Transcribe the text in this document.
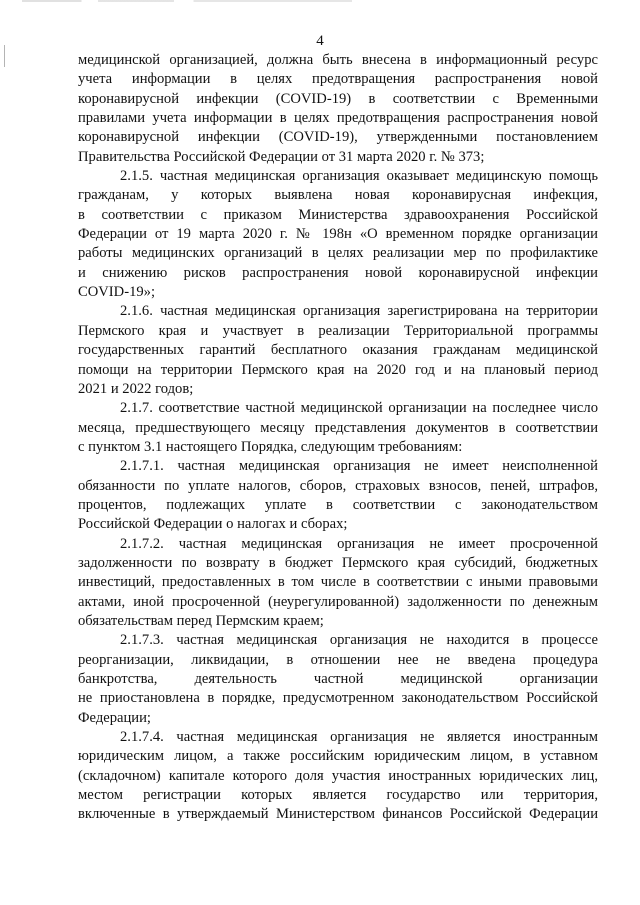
4
медицинской организацией, должна быть внесена в информационный ресурс
учета информации в целях предотвращения распространения новой
коронавирусной инфекции (COVID-19) в соответствии с Временными
правилами учета информации в целях предотвращения распространения новой
коронавирусной инфекции (COVID-19), утвержденными постановлением
Правительства Российской Федерации от 31 марта 2020 г. № 373;
2.1.5. частная медицинская организация оказывает медицинскую помощь
гражданам, у которых выявлена новая коронавирусная инфекция,
в соответствии с приказом Министерства здравоохранения Российской
Федерации от 19 марта 2020 г. № 198н «О временном порядке организации
работы медицинских организаций в целях реализации мер по профилактике
и снижению рисков распространения новой коронавирусной инфекции
COVID-19»;
2.1.6. частная медицинская организация зарегистрирована на территории
Пермского края и участвует в реализации Территориальной программы
государственных гарантий бесплатного оказания гражданам медицинской
помощи на территории Пермского края на 2020 год и на плановый период
2021 и 2022 годов;
2.1.7. соответствие частной медицинской организации на последнее число
месяца, предшествующего месяцу представления документов в соответствии
с пунктом 3.1 настоящего Порядка, следующим требованиям:
2.1.7.1. частная медицинская организация не имеет неисполненной
обязанности по уплате налогов, сборов, страховых взносов, пеней, штрафов,
процентов, подлежащих уплате в соответствии с законодательством
Российской Федерации о налогах и сборах;
2.1.7.2. частная медицинская организация не имеет просроченной
задолженности по возврату в бюджет Пермского края субсидий, бюджетных
инвестиций, предоставленных в том числе в соответствии с иными правовыми
актами, иной просроченной (неурегулированной) задолженности по денежным
обязательствам перед Пермским краем;
2.1.7.3. частная медицинская организация не находится в процессе
реорганизации, ликвидации, в отношении нее не введена процедура
банкротства, деятельность частной медицинской организации
не приостановлена в порядке, предусмотренном законодательством Российской
Федерации;
2.1.7.4. частная медицинская организация не является иностранным
юридическим лицом, а также российским юридическим лицом, в уставном
(складочном) капитале которого доля участия иностранных юридических лиц,
местом регистрации которых является государство или территория,
включенные в утверждаемый Министерством финансов Российской Федерации
